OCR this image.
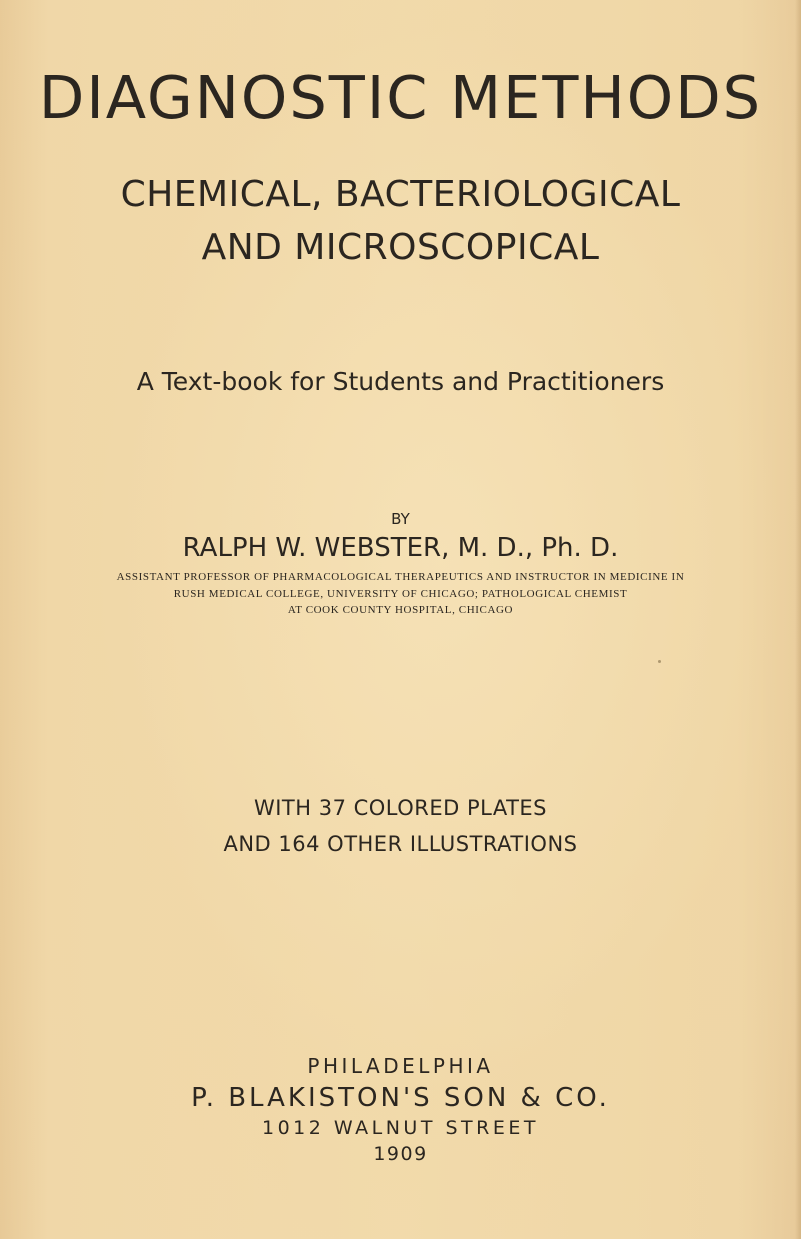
DIAGNOSTIC METHODS
CHEMICAL, BACTERIOLOGICAL
AND MICROSCOPICAL
A Text-book for Students and Practitioners
BY
RALPH W. WEBSTER, M. D., Ph. D.
ASSISTANT PROFESSOR OF PHARMACOLOGICAL THERAPEUTICS AND INSTRUCTOR IN MEDICINE IN
RUSH MEDICAL COLLEGE, UNIVERSITY OF CHICAGO; PATHOLOGICAL CHEMIST
AT COOK COUNTY HOSPITAL, CHICAGO
WITH 37 COLORED PLATES
AND 164 OTHER ILLUSTRATIONS
PHILADELPHIA
P. BLAKISTON'S SON & CO.
1012 WALNUT STREET
1909
